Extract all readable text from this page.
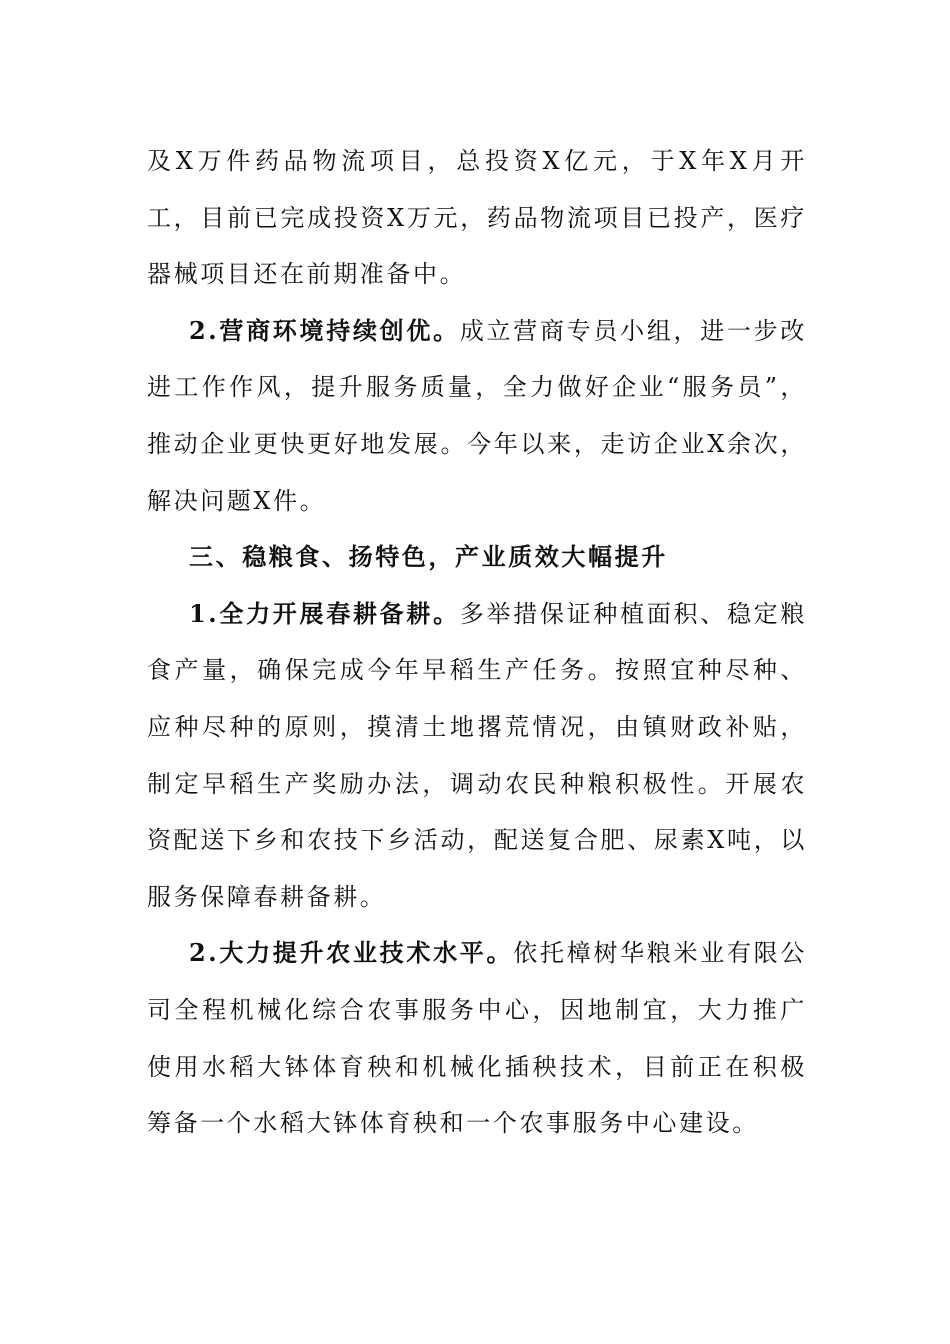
及X万件药品物流项目，总投资X亿元，于X年X月开工，目前已完成投资X万元，药品物流项目已投产，医疗器械项目还在前期准备中。

2.营商环境持续创优。成立营商专员小组，进一步改进工作作风，提升服务质量，全力做好企业“服务员”，推动企业更快更好地发展。今年以来，走访企业X余次，解决问题X件。

三、稳粮食、扬特色，产业质效大幅提升

1.全力开展春耕备耕。多举措保证种植面积、稳定粮食产量，确保完成今年早稻生产任务。按照宜种尽种、应种尽种的原则，摸清土地撂荒情况，由镇财政补贴，制定早稻生产奖励办法，调动农民种粮积极性。开展农资配送下乡和农技下乡活动，配送复合肥、尿素X吨，以服务保障春耕备耕。

2.大力提升农业技术水平。依托樟树华粮米业有限公司全程机械化综合农事服务中心，因地制宜，大力推广使用水稻大钵体育秧和机械化插秧技术，目前正在积极筹备一个水稻大钵体育秧和一个农事服务中心建设。
